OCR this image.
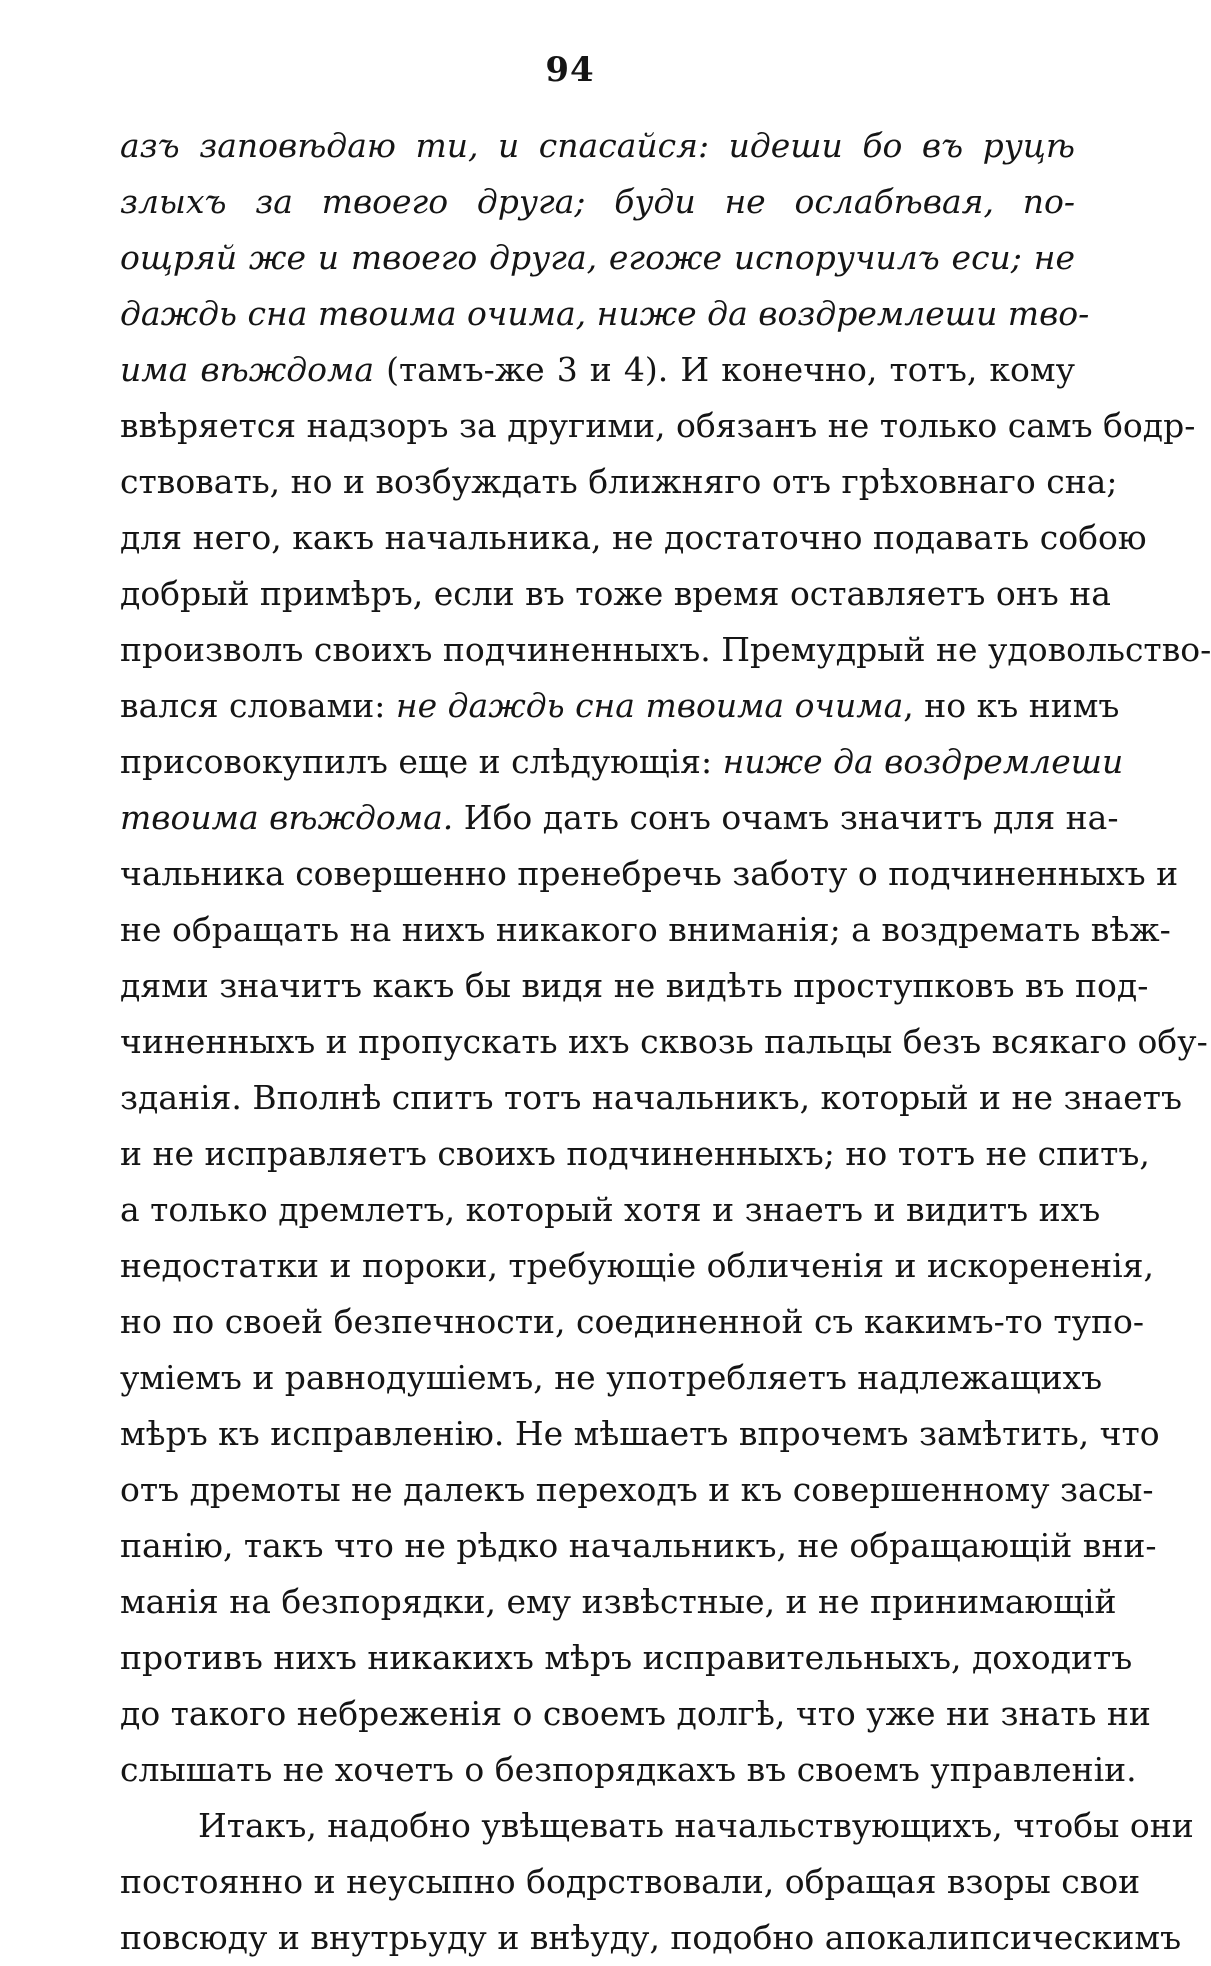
94
азъ заповѣдаю ти, и спасайся: идеши бо въ руцѣ
злыхъ за твоего друга; буди не ослабѣвая, по-
ощряй же и твоего друга, егоже испоручилъ еси; не
даждь сна твоима очима, ниже да воздремлеши тво-
има вѣждома (тамъ-же 3 и 4). И конечно, тотъ, кому
ввѣряется надзоръ за другими, обязанъ не только самъ бодр-
ствовать, но и возбуждать ближняго отъ грѣховнаго сна;
для него, какъ начальника, не достаточно подавать собою
добрый примѣръ, если въ тоже время оставляетъ онъ на
произволъ своихъ подчиненныхъ. Премудрый не удовольство-
вался словами: не даждь сна твоима очима, но къ нимъ
присовокупилъ еще и слѣдующія: ниже да воздремлеши
твоима вѣждома. Ибо дать сонъ очамъ значитъ для на-
чальника совершенно пренебречь заботу о подчиненныхъ и
не обращать на нихъ никакого вниманія; а воздремать вѣж-
дями значитъ какъ бы видя не видѣть проступковъ въ под-
чиненныхъ и пропускать ихъ сквозь пальцы безъ всякаго обу-
зданія. Вполнѣ спитъ тотъ начальникъ, который и не знаетъ
и не исправляетъ своихъ подчиненныхъ; но тотъ не спитъ,
а только дремлетъ, который хотя и знаетъ и видитъ ихъ
недостатки и пороки, требующіе обличенія и искорененія,
но по своей безпечности, соединенной съ какимъ-то тупо-
уміемъ и равнодушіемъ, не употребляетъ надлежащихъ
мѣръ къ исправленію. Не мѣшаетъ впрочемъ замѣтить, что
отъ дремоты не далекъ переходъ и къ совершенному засы-
панію, такъ что не рѣдко начальникъ, не обращающій вни-
манія на безпорядки, ему извѣстные, и не принимающій
противъ нихъ никакихъ мѣръ исправительныхъ, доходитъ
до такого небреженія о своемъ долгѣ, что уже ни знать ни
слышать не хочетъ о безпорядкахъ въ своемъ управленіи.
Итакъ, надобно увѣщевать начальствующихъ, чтобы они
постоянно и неусыпно бодрствовали, обращая взоры свои
повсюду и внутрьуду и внѣуду, подобно апокалипсическимъ
